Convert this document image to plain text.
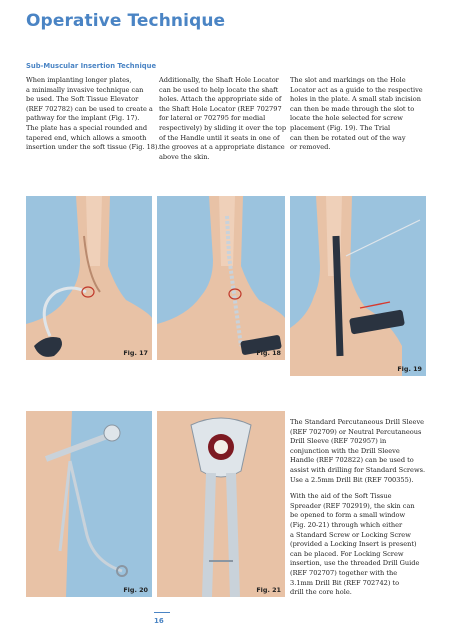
Operative Technique
Sub-Muscular Insertion Technique

When implanting longer plates,
a minimally invasive technique can
be used. The Soft Tissue Elevator
(REF 702782) can be used to create a
pathway for the implant (Fig. 17).
The plate has a special rounded and
tapered end, which allows a smooth
insertion under the soft tissue (Fig. 18).

Additionally, the Shaft Hole Locator
can be used to help locate the shaft
holes. Attach the appropriate side of
the Shaft Hole Locator (REF 702797
for lateral or 702795 for medial
respectively) by sliding it over the top
of the Handle until it seats in one of
the grooves at a appropriate distance
above the skin.

The slot and markings on the Hole
Locator act as a guide to the respective
holes in the plate. A small stab incision
can then be made through the slot to
locate the hole selected for screw
placement (Fig. 19). The Trial
can then be rotated out of the way
or removed.

Fig. 17	Fig. 18
Fig. 19
Fig. 20	Fig. 21

The Standard Percutaneous Drill Sleeve
(REF 702709) or Neutral Percutaneous
Drill Sleeve (REF 702957) in
conjunction with the Drill Sleeve
Handle (REF 702822) can be used to
assist with drilling for Standard Screws.
Use a 2.5mm Drill Bit (REF 700355).

With the aid of the Soft Tissue
Spreader (REF 702919), the skin can
be opened to form a small window
(Fig. 20-21) through which either
a Standard Screw or Locking Screw
(provided a Locking Insert is present)
can be placed. For Locking Screw
insertion, use the threaded Drill Guide
(REF 702707) together with the
3.1mm Drill Bit (REF 702742) to
drill the core hole.

16
